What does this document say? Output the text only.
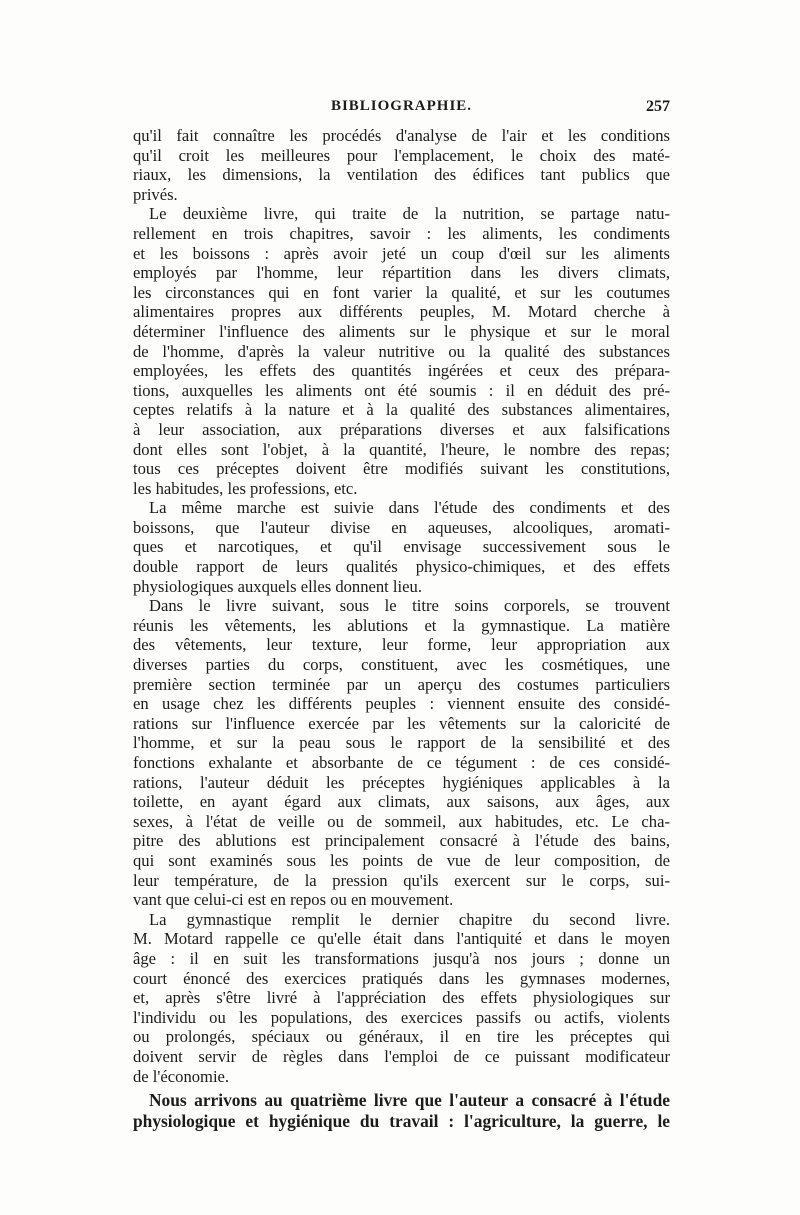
BIBLIOGRAPHIE.	257
qu'il fait connaître les procédés d'analyse de l'air et les conditions
qu'il croit les meilleures pour l'emplacement, le choix des maté-
riaux, les dimensions, la ventilation des édifices tant publics que
privés.
Le deuxième livre, qui traite de la nutrition, se partage natu-
rellement en trois chapitres, savoir : les aliments, les condiments
et les boissons : après avoir jeté un coup d'œil sur les aliments
employés par l'homme, leur répartition dans les divers climats,
les circonstances qui en font varier la qualité, et sur les coutumes
alimentaires propres aux différents peuples, M. Motard cherche à
déterminer l'influence des aliments sur le physique et sur le moral
de l'homme, d'après la valeur nutritive ou la qualité des substances
employées, les effets des quantités ingérées et ceux des prépara-
tions, auxquelles les aliments ont été soumis : il en déduit des pré-
ceptes relatifs à la nature et à la qualité des substances alimentaires,
à leur association, aux préparations diverses et aux falsifications
dont elles sont l'objet, à la quantité, l'heure, le nombre des repas;
tous ces préceptes doivent être modifiés suivant les constitutions,
les habitudes, les professions, etc.
La même marche est suivie dans l'étude des condiments et des
boissons, que l'auteur divise en aqueuses, alcooliques, aromati-
ques et narcotiques, et qu'il envisage successivement sous le
double rapport de leurs qualités physico-chimiques, et des effets
physiologiques auxquels elles donnent lieu.
Dans le livre suivant, sous le titre soins corporels, se trouvent
réunis les vêtements, les ablutions et la gymnastique. La matière
des vêtements, leur texture, leur forme, leur appropriation aux
diverses parties du corps, constituent, avec les cosmétiques, une
première section terminée par un aperçu des costumes particuliers
en usage chez les différents peuples : viennent ensuite des considé-
rations sur l'influence exercée par les vêtements sur la caloricité de
l'homme, et sur la peau sous le rapport de la sensibilité et des
fonctions exhalante et absorbante de ce tégument : de ces considé-
rations, l'auteur déduit les préceptes hygiéniques applicables à la
toilette, en ayant égard aux climats, aux saisons, aux âges, aux
sexes, à l'état de veille ou de sommeil, aux habitudes, etc. Le cha-
pitre des ablutions est principalement consacré à l'étude des bains,
qui sont examinés sous les points de vue de leur composition, de
leur température, de la pression qu'ils exercent sur le corps, sui-
vant que celui-ci est en repos ou en mouvement.
La gymnastique remplit le dernier chapitre du second livre.
M. Motard rappelle ce qu'elle était dans l'antiquité et dans le moyen
âge : il en suit les transformations jusqu'à nos jours ; donne un
court énoncé des exercices pratiqués dans les gymnases modernes,
et, après s'être livré à l'appréciation des effets physiologiques sur
l'individu ou les populations, des exercices passifs ou actifs, violents
ou prolongés, spéciaux ou généraux, il en tire les préceptes qui
doivent servir de règles dans l'emploi de ce puissant modificateur
de l'économie.
Nous arrivons au quatrième livre que l'auteur a consacré à l'étude
physiologique et hygiénique du travail : l'agriculture, la guerre, le
